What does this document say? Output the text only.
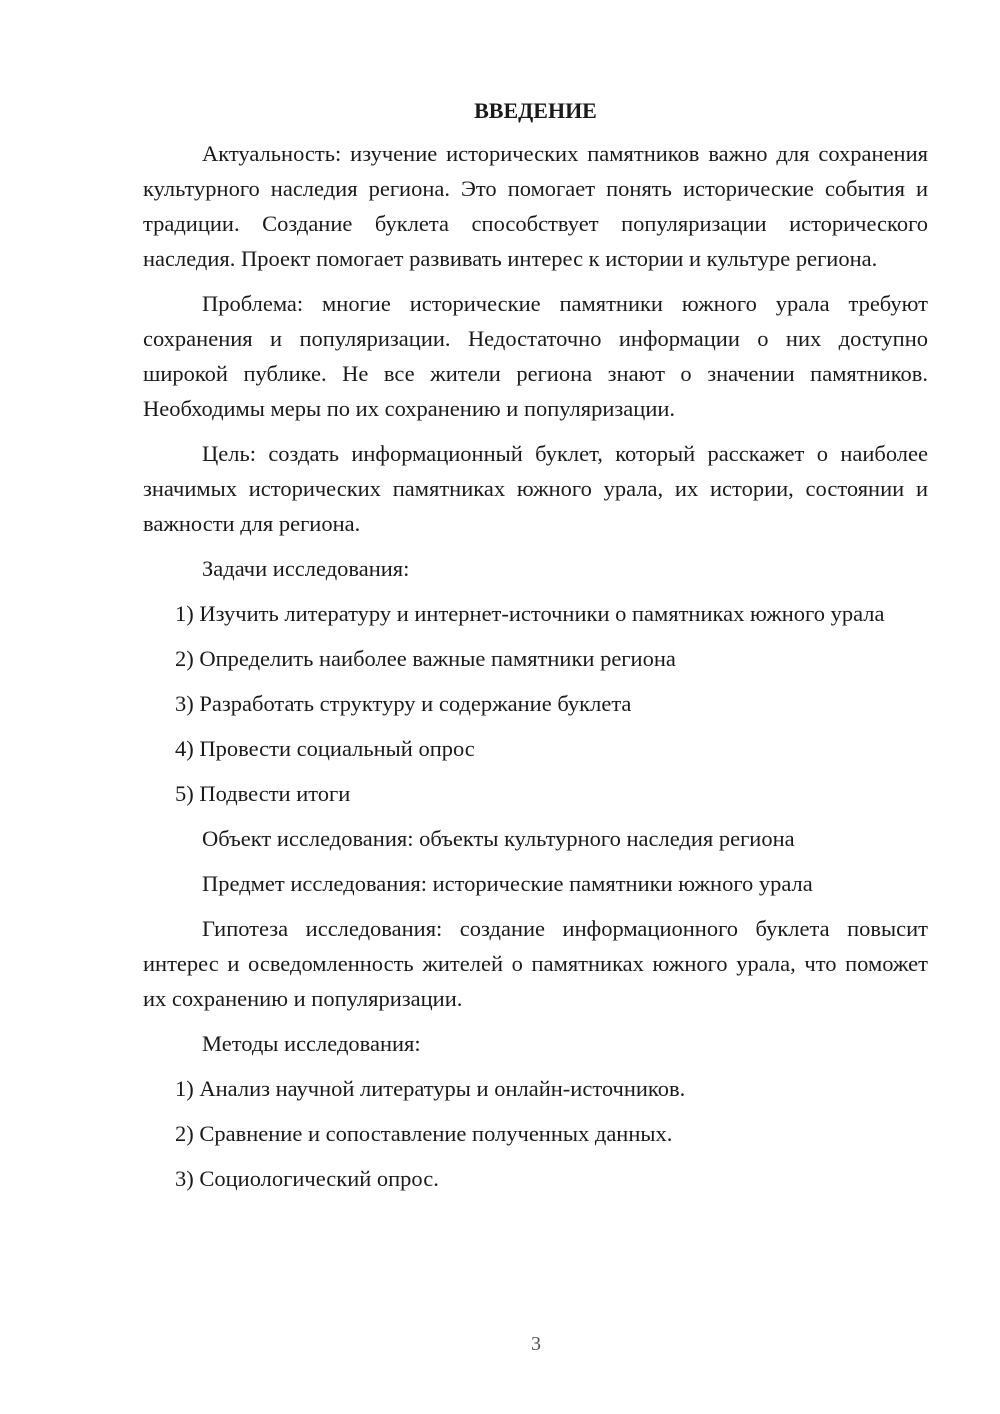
ВВЕДЕНИЕ

Актуальность: изучение исторических памятников важно для сохранения культурного наследия региона. Это помогает понять исторические события и традиции. Создание буклета способствует популяризации исторического наследия. Проект помогает развивать интерес к истории и культуре региона.

Проблема: многие исторические памятники южного урала требуют сохранения и популяризации. Недостаточно информации о них доступно широкой публике. Не все жители региона знают о значении памятников. Необходимы меры по их сохранению и популяризации.

Цель: создать информационный буклет, который расскажет о наиболее значимых исторических памятниках южного урала, их истории, состоянии и важности для региона.

Задачи исследования:

1) Изучить литературу и интернет-источники о памятниках южного урала

2) Определить наиболее важные памятники региона

3) Разработать структуру и содержание буклета

4) Провести социальный опрос

5) Подвести итоги

Объект исследования: объекты культурного наследия региона

Предмет исследования: исторические памятники южного урала

Гипотеза исследования: создание информационного буклета повысит интерес и осведомленность жителей о памятниках южного урала, что поможет их сохранению и популяризации.

Методы исследования:

1) Анализ научной литературы и онлайн-источников.

2) Сравнение и сопоставление полученных данных.

3) Социологический опрос.

3
